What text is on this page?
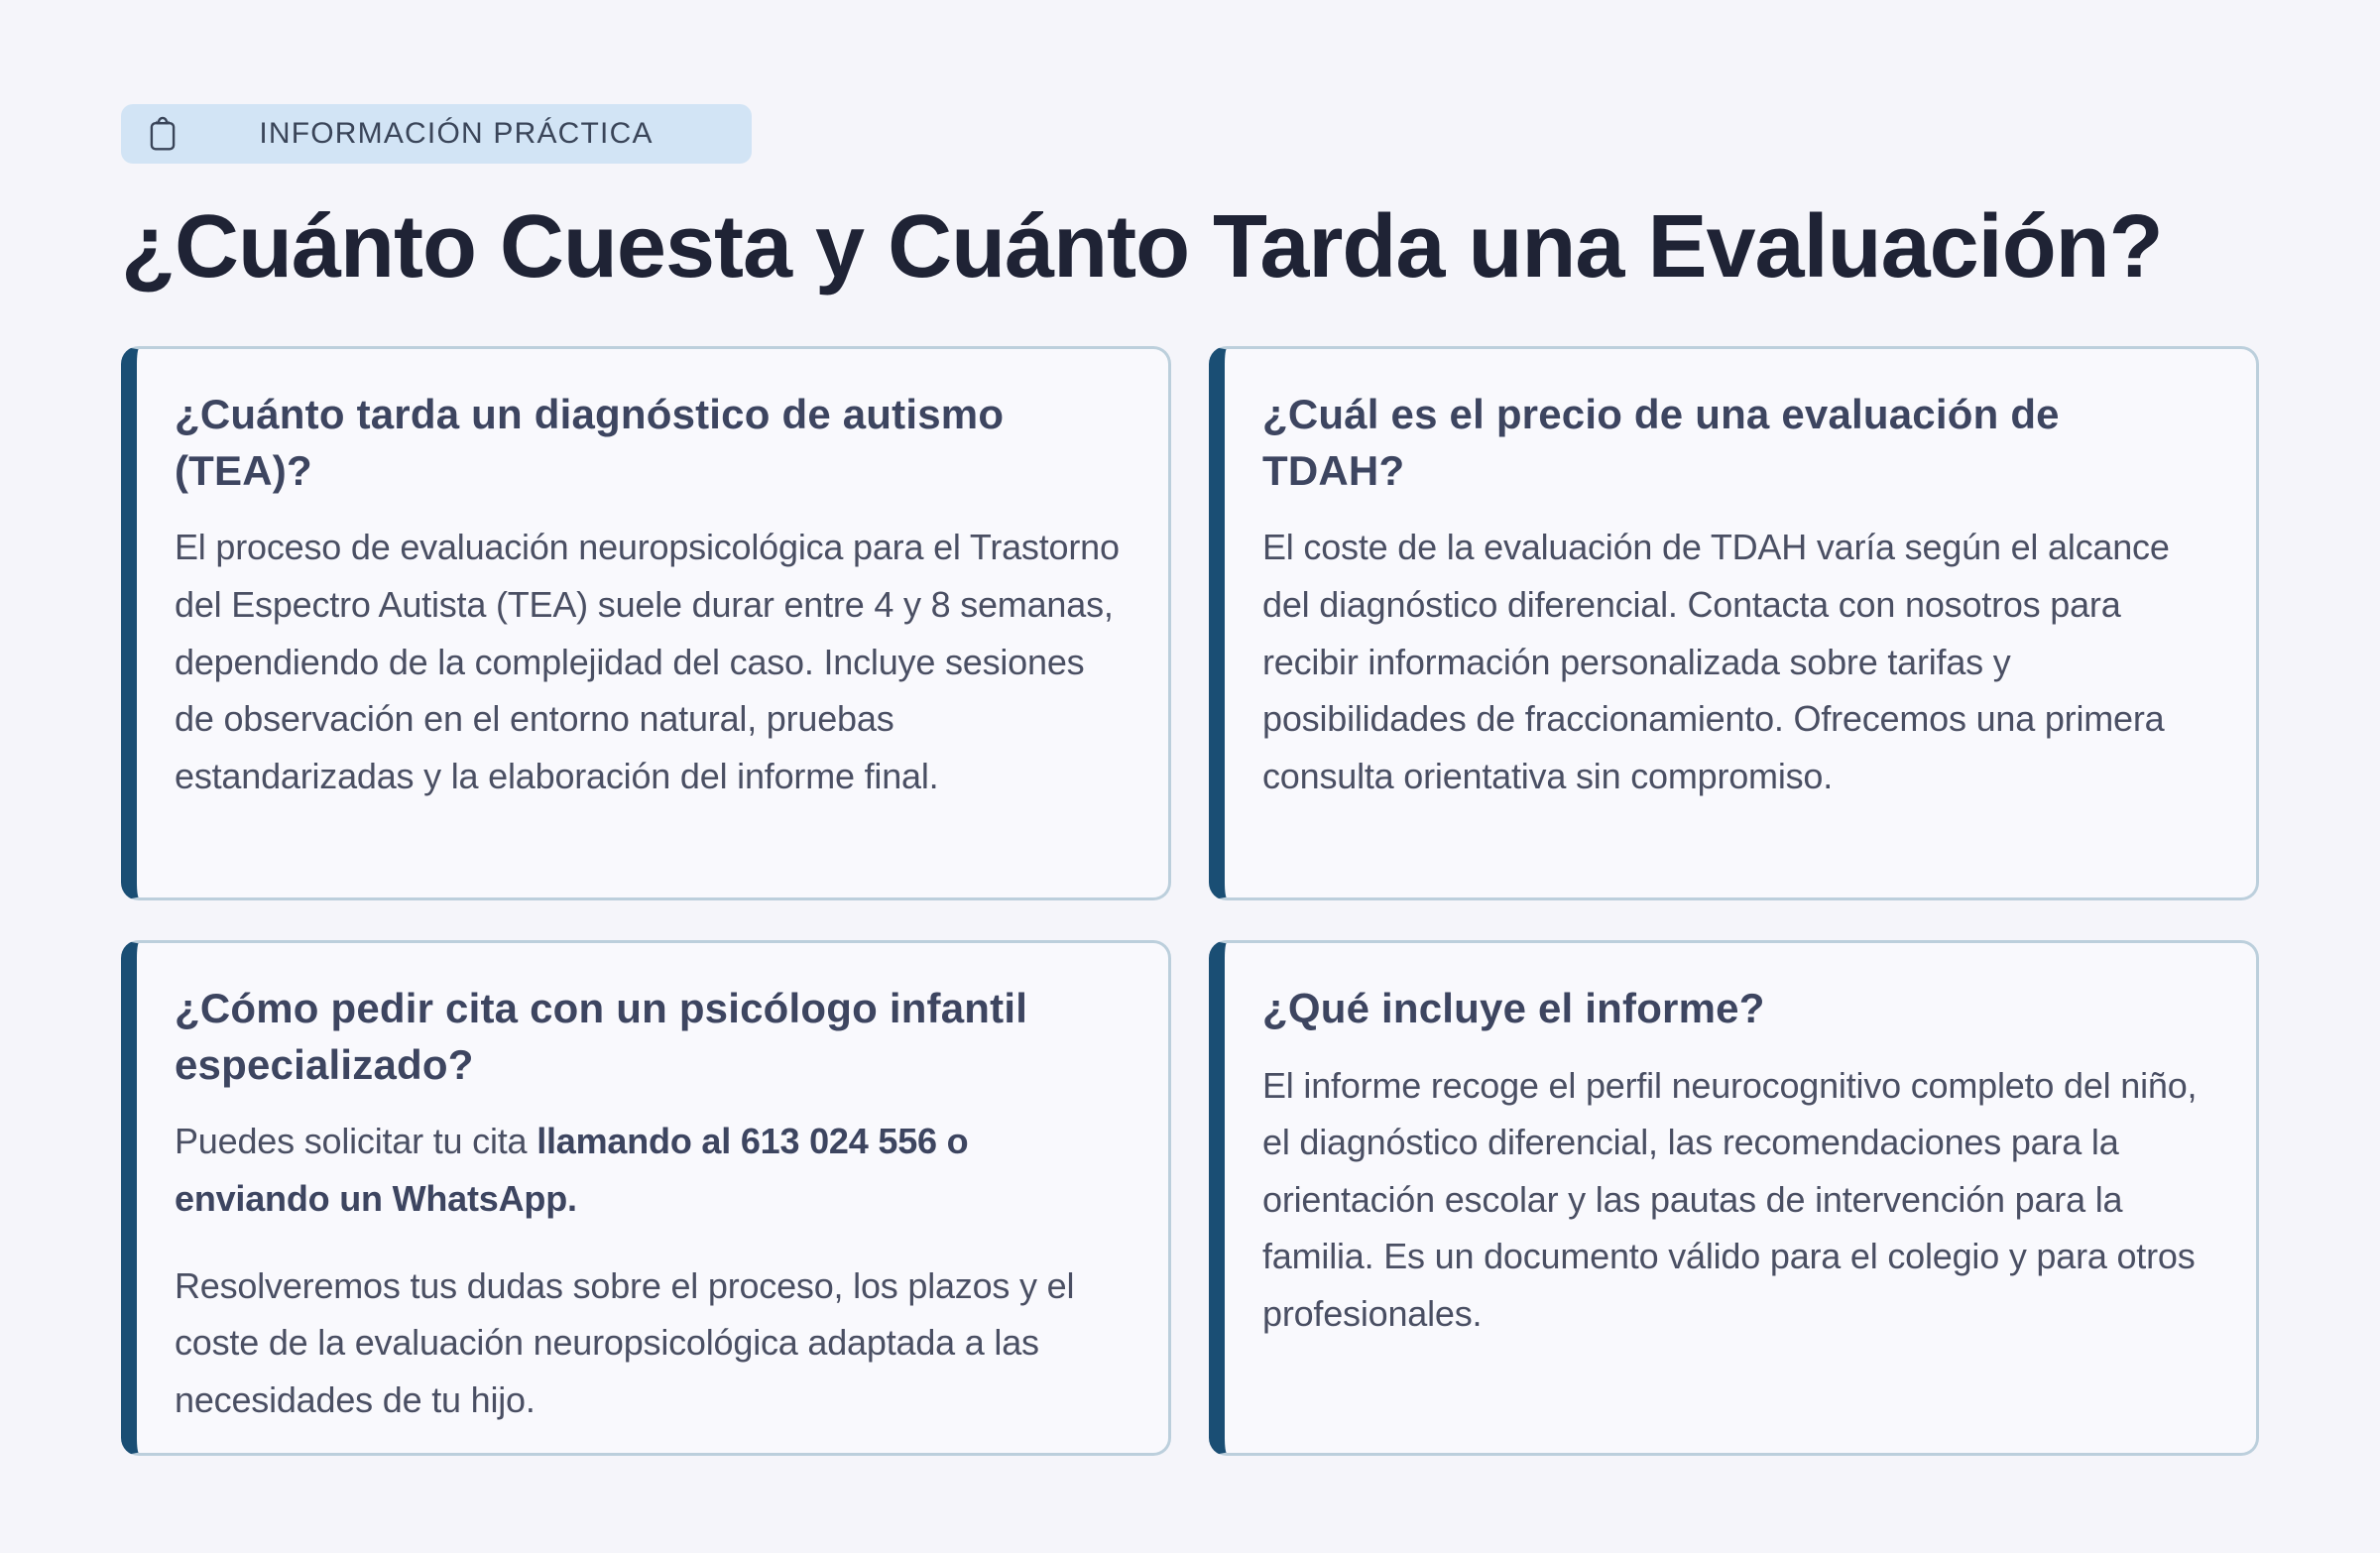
INFORMACIÓN PRÁCTICA
¿Cuánto Cuesta y Cuánto Tarda una Evaluación?
¿Cuánto tarda un diagnóstico de autismo (TEA)?

El proceso de evaluación neuropsicológica para el Trastorno del Espectro Autista (TEA) suele durar entre 4 y 8 semanas, dependiendo de la complejidad del caso. Incluye sesiones de observación en el entorno natural, pruebas estandarizadas y la elaboración del informe final.

¿Cuál es el precio de una evaluación de TDAH?

El coste de la evaluación de TDAH varía según el alcance del diagnóstico diferencial. Contacta con nosotros para recibir información personalizada sobre tarifas y posibilidades de fraccionamiento. Ofrecemos una primera consulta orientativa sin compromiso.

¿Cómo pedir cita con un psicólogo infantil especializado?

Puedes solicitar tu cita llamando al 613 024 556 o enviando un WhatsApp.

Resolveremos tus dudas sobre el proceso, los plazos y el coste de la evaluación neuropsicológica adaptada a las necesidades de tu hijo.

¿Qué incluye el informe?

El informe recoge el perfil neurocognitivo completo del niño, el diagnóstico diferencial, las recomendaciones para la orientación escolar y las pautas de intervención para la familia. Es un documento válido para el colegio y para otros profesionales.
